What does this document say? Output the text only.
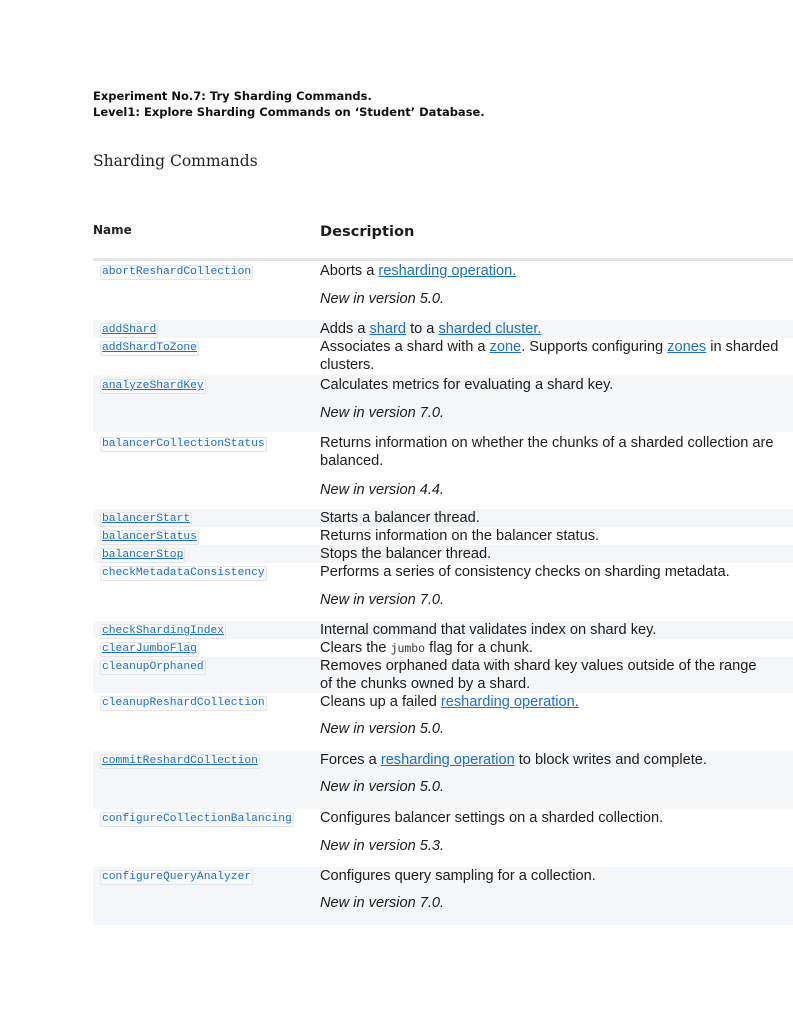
Experiment No.7: Try Sharding Commands.
Level1: Explore Sharding Commands on ‘Student’ Database.
Sharding Commands
Name	Description
abortReshardCollection	Aborts a resharding operation.
New in version 5.0.
addShard	Adds a shard to a sharded cluster.
addShardToZone	Associates a shard with a zone. Supports configuring zones in sharded
clusters.
analyzeShardKey	Calculates metrics for evaluating a shard key.
New in version 7.0.
balancerCollectionStatus	Returns information on whether the chunks of a sharded collection are
balanced.
New in version 4.4.
balancerStart	Starts a balancer thread.
balancerStatus	Returns information on the balancer status.
balancerStop	Stops the balancer thread.
checkMetadataConsistency	Performs a series of consistency checks on sharding metadata.
New in version 7.0.
checkShardingIndex	Internal command that validates index on shard key.
clearJumboFlag	Clears the jumbo flag for a chunk.
cleanupOrphaned	Removes orphaned data with shard key values outside of the range
of the chunks owned by a shard.
cleanupReshardCollection	Cleans up a failed resharding operation.
New in version 5.0.
commitReshardCollection	Forces a resharding operation to block writes and complete.
New in version 5.0.
configureCollectionBalancing Configures balancer settings on a sharded collection.
New in version 5.3.
configureQueryAnalyzer	Configures query sampling for a collection.
New in version 7.0.
